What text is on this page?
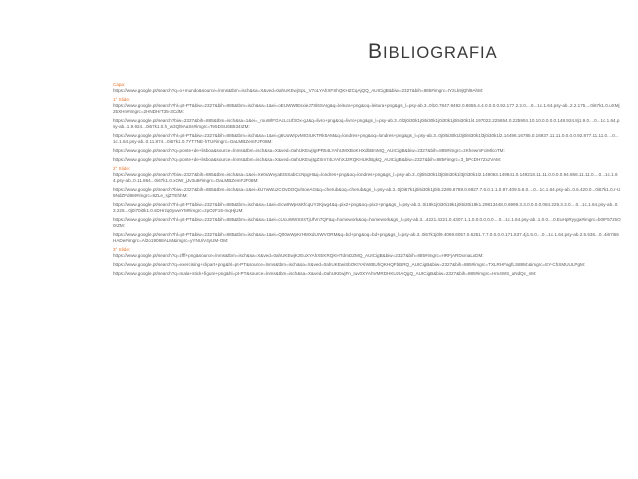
BIBLIOGRAFIA

Capa:

https://www.google.pt/search?q=o+mundo&source=lnms&tbm=isch&sa=X&ved=0ahUKEwjSpL_V7oLYAhXFShQKHZCqAjQQ_AUICigB&biw=2327&bih=885#imgrc=IYzLk9jQhl9AhM:

1° Slide:

https://www.google.pt/search?hl=pt-PT&biw=2327&bih=885&tbm=isch&sa=1&ei=oEUWWtEsxieJ7Sl6SAIg&q=leitura+png&oq=leitura+png&gs_l=psy-ab.3..0l10.7847.9492.0.8655.4.4.0.0.0.0.92.177.2.2.0....0...1c.1.64.psy-ab..2.2.175....0i67k1.0.uXMj25XHn#imgrc=2HNDHrT35-3CdM:

https://www.google.pt/search?biw=2327&bih=885&tbm=isch&sa=1&ei=_rouWlFGAcLcUf3Ox-gJ&q=livro+png&oq=livro+png&gs_l=psy-ab.3..0l2j0i30k1j0i5i30k1j0i30k1j0i5i30k1l4.197022.225654.0.225904.10.10.0.0.0.0.148.924.8j1.9.0....0...1c.1.64.psy-ab..1.9.924...0i67k1.0.h_w3Ql9AaSs#imgrc=Te5DSU6B534IZM:

https://www.google.pt/search?hl=pt-PT&biw=2327&bih=885&tbm=isch&sa=1&ei=g6UuWrpvMIGIUKTRk5AM&q=londres+png&oq=londres+png&gs_l=psy-ab.3..0j0i5i30k1l3j0i8i30k1l3j0i30k1l2.14496.16785.0.16937.11.11.0.0.0.0.92.877.11.11.0....0...1c.1.64.psy-ab..0.11.874...0i67k1.0.7YT7NE-hTU#imgrc=OaLMBZemFJF08M:

https://www.google.pt/search?q=ponte+de+lisboa&source=lnms&tbm=isch&sa=X&ved=0ahUKEwjIgIPR54LYAhUMXBoKHXdbBmMQ_AUICigB&biw=2327&bih=885#imgrc=zKhewmFciMlcoTM:

https://www.google.pt/search?q=ponte+de+lisboa&source=lnms&tbm=isch&sa=X&ved=0ahUKEwjIgZSm74LYAhXJzRQKHUKlBgkQ_AUICigB&biw=2327&bih=885#imgrc=3_bPcDH7ZxzVAM:

2° Slide:

https://www.google.pt/search?biw=2327&bih=885&tbm=isch&sa=1&ei=Xe0uWvyaEtSSabCcNpgH&q=londres+png&oq=londres+png&gs_l=psy-ab.3..0j0i5i30k1l3j0i8i30k1l3j0i30k1l2.149063.149841.0.149218.11.11.0.0.0.0.94.866.11.11.0....0...1c.1.64.psy-ab..0.11.864...0i67k1.0.xOW_jJv3u8#imgrc=OaLMBZemFJF08M:

https://www.google.pt/search?biw=2327&bih=885&tbm=isch&sa=1&ei=kU7wWuzCOvDOQuhIoeAG&q=cherub&oq=cherub&gs_l=psy-ab.3..0j0i67k1j0i5i30k1j0i5.2289.6789.0.6927.7.6.0.1.1.0.97.409.5.6.0....0...1c.1.64.psy-ab..0.6.420.0...0i67k1.0.r-U5NdZFd6M#imgrc=8ZLe_sjZTEhhM:

https://www.google.pt/search?hl=pt-PT&biw=2327&bih=885&tbm=isch&sa=1&ei=Ecw9WpssKfcqUY2Kjwg4&q=pix2+png&oq=pix2+png&gs_l=psy-ab.3..0i19k1j0i30i19k1j0i5i30i19k1.29813448.0.6999.3.3.0.0.0.0.084.229.3.3.0....0...1c.1.64.psy-ab..0.3.226...0j0i70i0k1.0.sDHrzq0ywwYM#imgrc=zpOzF15-mqHjUM:

https://www.google.pt/search?hl=pt-PT&biw=2327&bih=885&tbm=isch&sa=1&ei=cUcuWWSSsTjUfVn7QF&q=homework&oq=homework&gs_l=psy-ab.3...4221.4221.0.4307.1.1.0.0.0.0.0.0....0...1c.1.64.psy-ab..1.0.0....0.EuHpRyyga#imgrc=b0IF57z5O0rZM:

https://www.google.pt/search?hl=pt-PT&biw=2327&bih=885&tbm=isch&sa=1&ei=Q00wWpKrHMXdUrWVORM&q=bd+png&oq=bd+png&gs_l=psy-ab.3..0i67k1j0l9.4069.6057.0.6251.7.7.0.0.0.0.171.537.4j1.5.0....0...1c.1.64.psy-ab.2.5.536...0..4i67i66HADe#imgrc=Al2o19068ALM&imgrc=yYNUiV4yUM-OM:

3° Slide:

https://www.google.pt/search?q=zfff+png&source=lnms&tbm=isch&sa=X&ved=0ahUKEwjKzEuXYAhXEKRQKHTdmDZMQ_AUICigB&biw=2327&bih=885#imgrc=HRFjARDxmaLxDM:

https://www.google.pt/search?q=exercising+clipart+png&hl=pt-PT&source=lnms&tbm=isch&sa=X&ved=0ahUKEwiSbOKtYAhWBUhQKHQFbBRQ_AUICigB&biw=2327&bih=885#imgrc=TXLRHFagfLS88M:&imgrc=EY-ChSMUULPgM:

https://www.google.pt/search?q=mala+stick+figure+png&hl=pt-PT&source=lnms&tbm=isch&sa=X&ved=0ahUKEwjFn_Iuv0XYAhVMRDHKUzIAQgQ_AUICigB&biw=2327&bih=885#imgrc=Hm4WS_uNdQc_nM:
